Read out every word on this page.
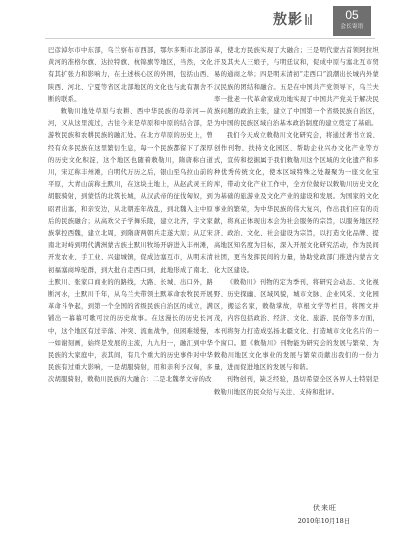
敖影	05
会长寄语

巴彦淖尔市中东部，乌兰察布市西部，鄂尔多斯市北部沿黄河的准格尔旗、达拉特旗、杭锦旗等地区，当然，文化有其扩张力和影响力，在土述核心区的外围，包括山西、陕西、河北、宁夏等省区北部地区的文化也与此有割舍不断的联系。

敕勒川地处草原与农耕、西中华民族的母亲河—黄河，又从这里流过，古往今来是草原和中原的结合部，是游牧民族和农耕民族的融汇处。在北方草原的历史上，曾经有众多民族在这里繁衍生息，每一个民族都留下了深厚的历史文化积淀，这个地区也随着敕勒川，隋唐称白道川，宋辽称丰州滩，自明代万历之后，银山至乌拉山前的平原，大青山前称土默川，在这块土地上，从赵武灵王的胡服骑射，到蒙恬的北筑长城，从汉武帝的征伐匈奴，到昭君出塞，和亲安边，从北朝连年战乱，到北魏入主中原后的民族融合；从高欢父子学舞乐陵，建立北齐，宇文家族掌控西魏，建立北周，到隋唐两朝兵走遂大原；从辽宋南北对峙到明代满洲蒙古族土默川牧场开辟进入丰州滩，开发农业、手工业、兴建城镇，促成边塞互市，从明末清初福塞商埠驼群，到大批自走西口到，此地形成了南北、土默川、张家口商业的的路线，大路、长城、出口外，路断河水，土默川千年，从乌兰夫带领土默革命农牧民开展革命斗争起，到第一个全国的省级民族自治区的成立，满铺出一幕幕可歌可泣的历史故事。在这漫长的历史长河中，这个地区有过辛落、冲突、流血战争，但困难缓慢，一如谢刻画，始终是发展的主流，九九归一，融汇到中华民族的大家庭中，表其间，有几个重大的历史事件对中华民族有过重大影响，一是胡服骑射，用和亲利予汉匈，多次胡服骑射，敕勒川民族的大融合：二是北魏孝文帝的改

革，使北方民族实现了大融合；三是明代蒙古首领阿拉坦汗及其夫人三娘子，与明廷议和，促成中原与塞北互市贸易的通商之举；四是明末清初“走西口”浪潮出长城内外蒙汉民族的团结和融合。五是在中国共产党领导下，乌兰夫率一批老一代革命家成功地实现了中国共产党关于解决民族问题的政治主张，建立了中国第一个省级民族自治区，为中国的民族区域自治基本政治制度的建立奠定了基础。

我们今天成立敕勒川文化研究会，将通过著书立说、创作刊物、扶持文化园区、帮助企业兴办文化产业等方式，宣传和挖掘属于我们敕勒川这个区域的文化遗产和多种优秀传统文化，使本区域特殊之处凝聚为一座文化宝库，带动文化产业工作中，全方位做好以敕勒川历史文化为基础的旅游业及文化产业的建设和发展。为国家的文化事业的繁荣，为中华民族的伟大复兴，作出我们应有的贡献，将真正体现出本会为社会服务的宗旨，以服务地区经济、政治、文化、社会建设为宗旨，以打造文化品牌、提高地区知名度为目标，深入开展文化研究活动，作为民间社团，更当发挥民间的力量，协助党政部门推进内蒙古文化大区建设。

《敕勒川》刊物的定为季刊，将研究会动态、文化视野、历史探幽、区域风貌，城市文脉、企业风采、文化园区，搬运名家，敕勒掌故，草根文学等栏目，将图文并茂，内容包括政治、经济、文化、旅游、民俗等多方面，本刊将努力打造成弘扬北疆文化、打造城市文化名片的一个窗口。愿《敕勒川》刊物能为研究会的发展与繁荣、为敕勒川地区文化事业的发展与繁荣贡献出我们的一份力量，进而促进地区的发展与和谐。

刊物创刊，缺乏经验，恳切希望全区各界人士特别是敕勒川地区的民众给与关注、支持和批评。

伏来旺
2010年10月18日
